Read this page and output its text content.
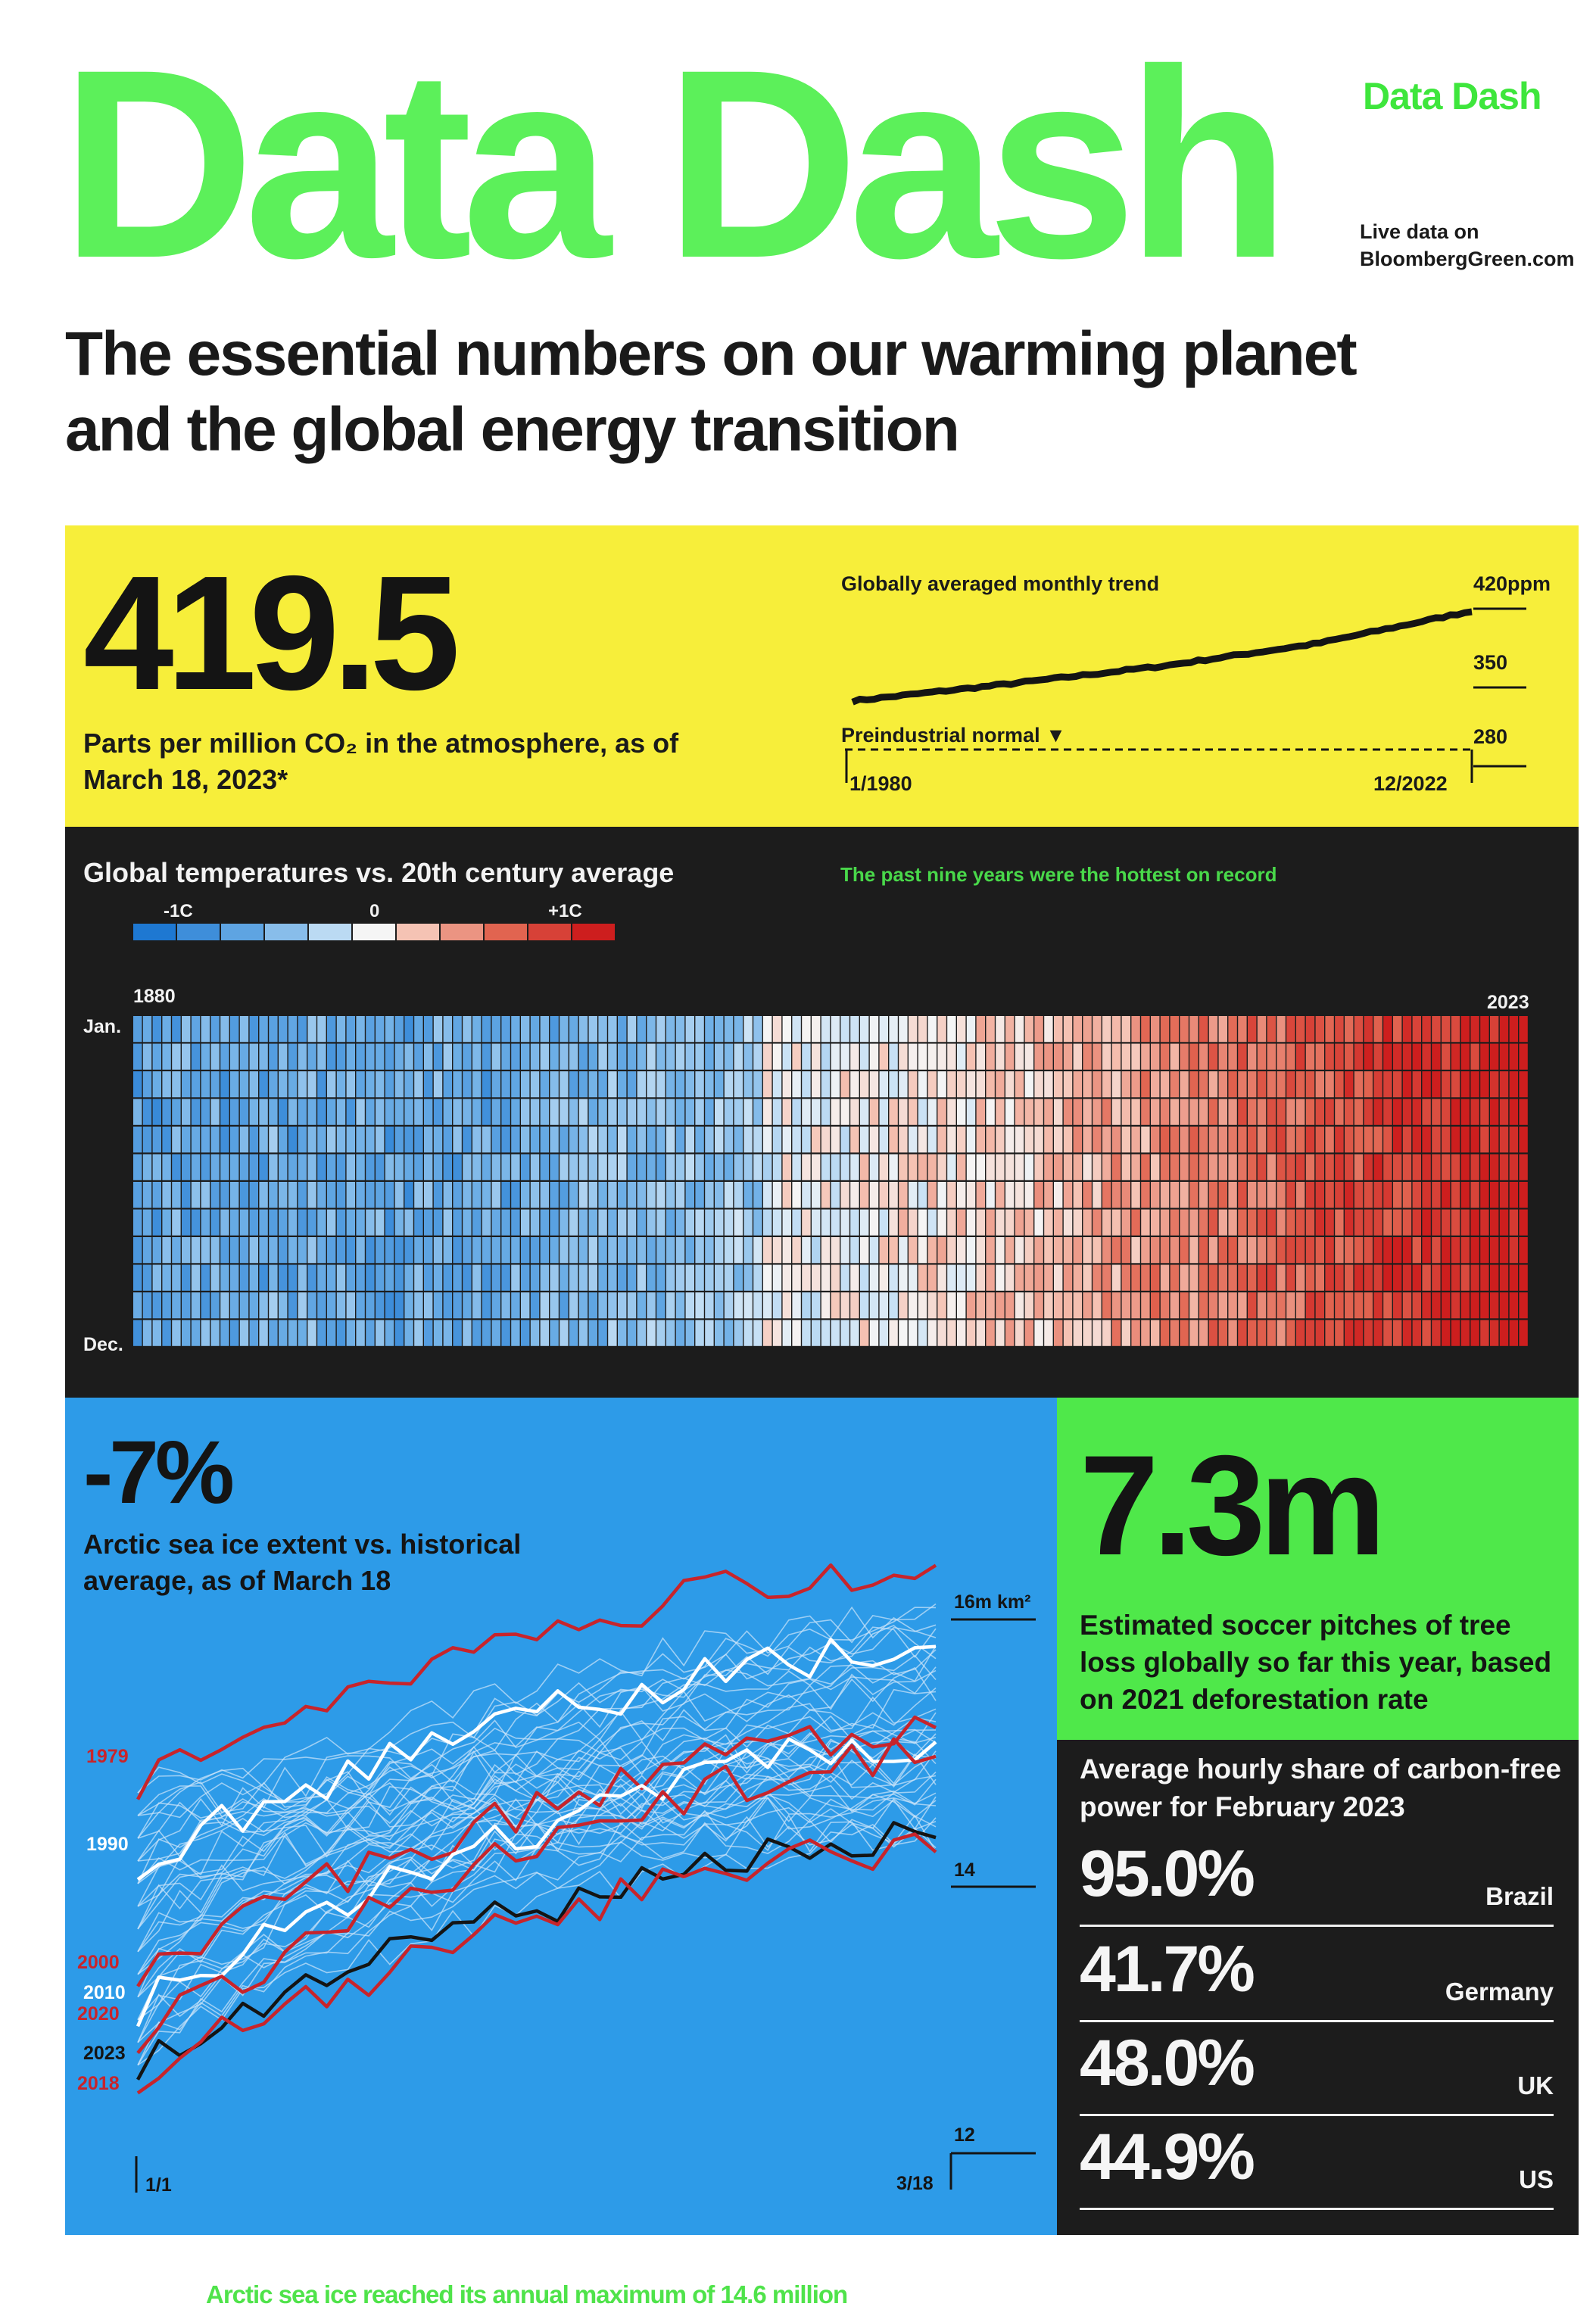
Data Dash Data Dash
Live data on
BloombergGreen.com
The essential numbers on our warming planet and the global energy transition
419.5
Parts per million CO₂ in the atmosphere, as of March 18, 2023*
Globally averaged monthly trend	420ppm
350
280
Preindustrial normal ▼
1/1980	12/2022
Global temperatures vs. 20th century average	The past nine years were the hottest on record
-1C	0	+1C
1880	2023
Jan.
Dec.
-7%
Arctic sea ice extent vs. historical average, as of March 18
16m km²
14
12
1/1	3/18
1979
1990
2000
2010
2020
2023
2018
7.3m
Estimated soccer pitches of tree loss globally so far this year, based on 2021 deforestation rate
Average hourly share of carbon-free power for February 2023
95.0%	Brazil
41.7%	Germany
48.0%	UK
44.9%	US
Arctic sea ice reached its annual maximum of 14.6 million
